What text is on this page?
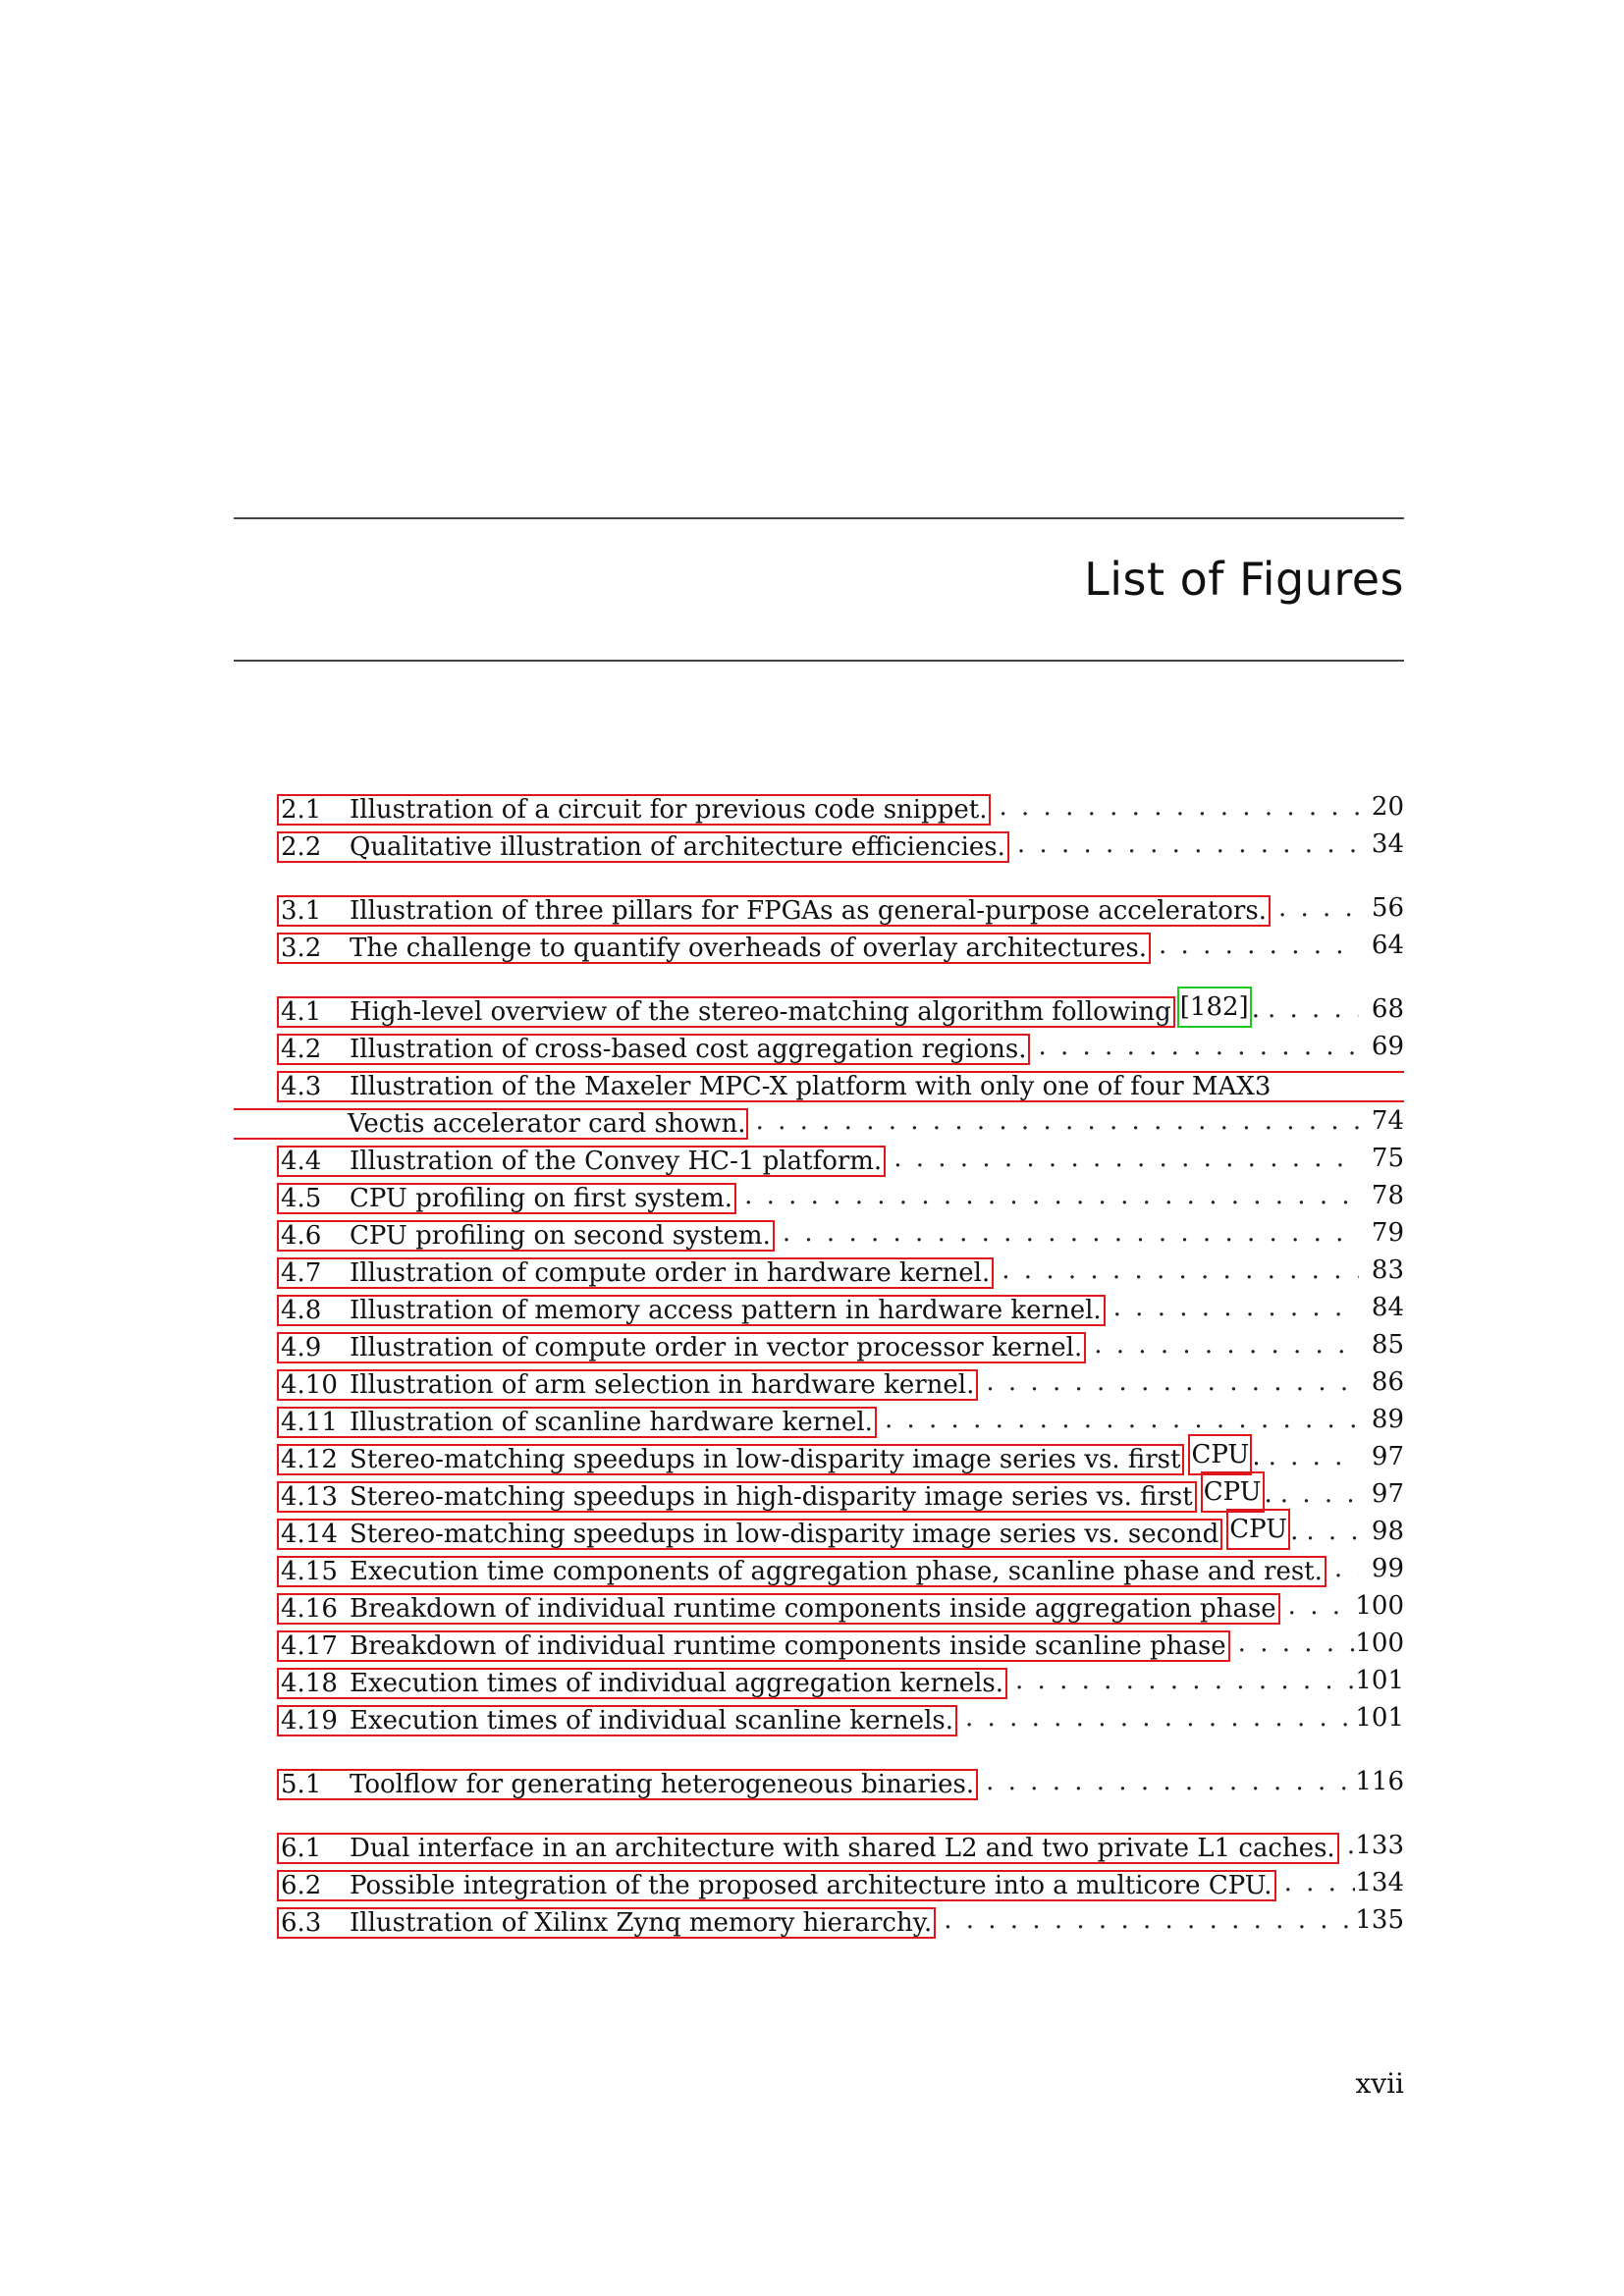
List of Figures
2.1	Illustration of a circuit for previous code snippet. . . .	20
2.2	Qualitative illustration of architecture efficiencies. . . .	34
3.1	Illustration of three pillars for FPGAs as general-purpose accelerators. . . .	56
3.2	The challenge to quantify overheads of overlay architectures. . . .	64
4.1	High-level overview of the stereo-matching algorithm following [182] . . . .	68
4.2	Illustration of cross-based cost aggregation regions. . . .	69
4.3	Illustration of the Maxeler MPC-X platform with only one of four MAX3
Vectis accelerator card shown. . . .	74
4.4	Illustration of the Convey HC-1 platform. . . .	75
4.5	CPU profiling on first system. . . .	78
4.6	CPU profiling on second system. . . .	79
4.7	Illustration of compute order in hardware kernel. . . .	83
4.8	Illustration of memory access pattern in hardware kernel. . . .	84
4.9	Illustration of compute order in vector processor kernel. . . .	85
4.10 Illustration of arm selection in hardware kernel. . . .	86
4.11 Illustration of scanline hardware kernel. . . .	89
4.12 Stereo-matching speedups in low-disparity image series vs. first CPU . . . .	97
4.13 Stereo-matching speedups in high-disparity image series vs. first CPU . . . .	97
4.14 Stereo-matching speedups in low-disparity image series vs. second CPU . . . .	98
4.15 Execution time components of aggregation phase, scanline phase and rest. . . .	99
4.16 Breakdown of individual runtime components inside aggregation phase . . .	100
4.17 Breakdown of individual runtime components inside scanline phase . . .	100
4.18 Execution times of individual aggregation kernels. . . .	101
4.19 Execution times of individual scanline kernels. . . .	101
5.1	Toolflow for generating heterogeneous binaries. . . .	116
6.1	Dual interface in an architecture with shared L2 and two private L1 caches. . . . 133
6.2	Possible integration of the proposed architecture into a multicore CPU. . . .	134
6.3	Illustration of Xilinx Zynq memory hierarchy. . . .	135
xvii
